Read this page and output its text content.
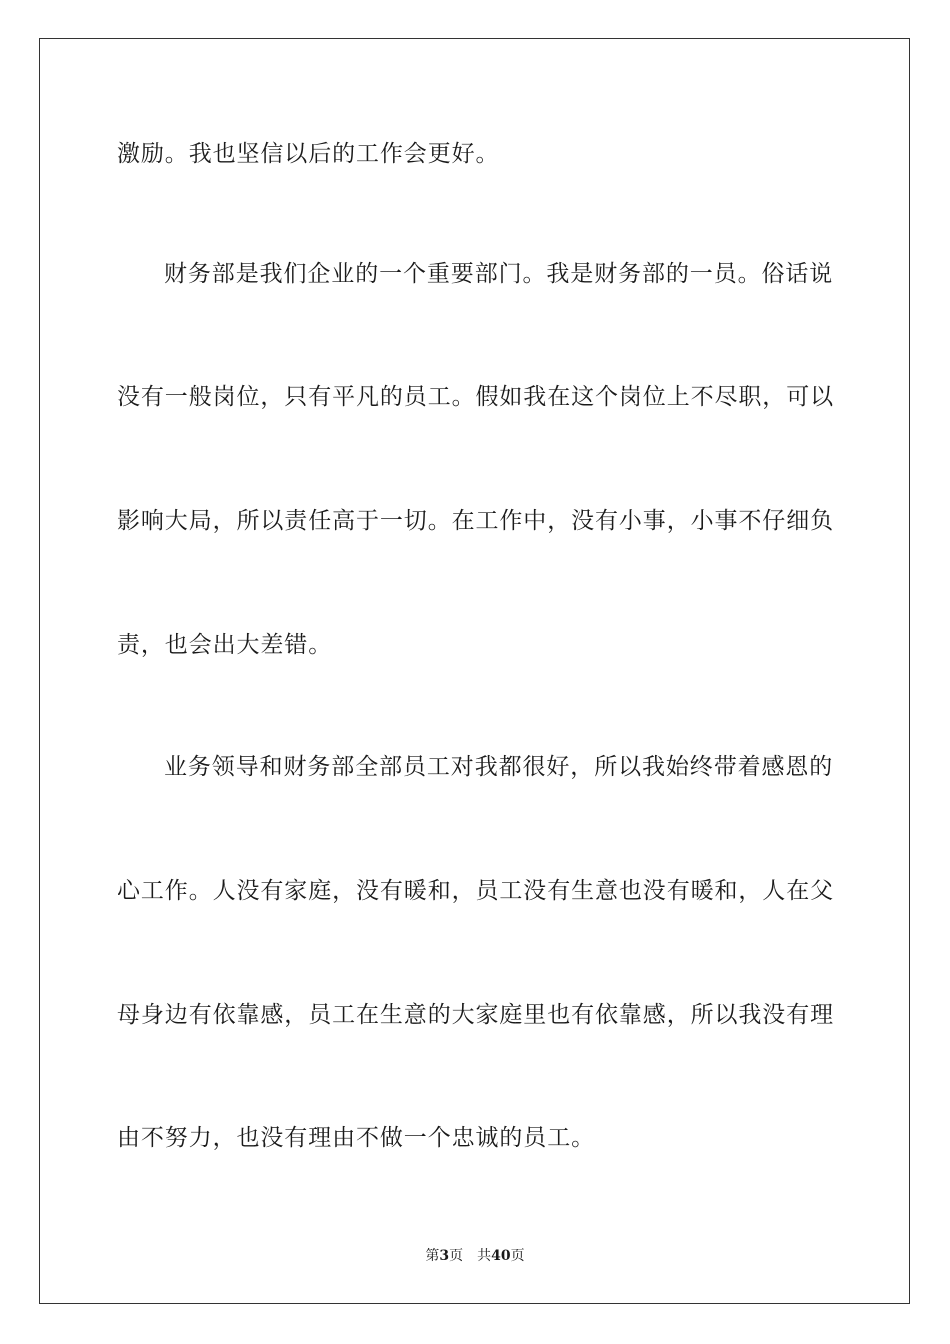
激励。我也坚信以后的工作会更好。
财务部是我们企业的一个重要部门。我是财务部的一员。俗话说
没有一般岗位，只有平凡的员工。假如我在这个岗位上不尽职，可以
影响大局，所以责任高于一切。在工作中，没有小事，小事不仔细负
责，也会出大差错。
业务领导和财务部全部员工对我都很好，所以我始终带着感恩的
心工作。人没有家庭，没有暖和，员工没有生意也没有暖和，人在父
母身边有依靠感，员工在生意的大家庭里也有依靠感，所以我没有理
由不努力，也没有理由不做一个忠诚的员工。
第3页 共40页
